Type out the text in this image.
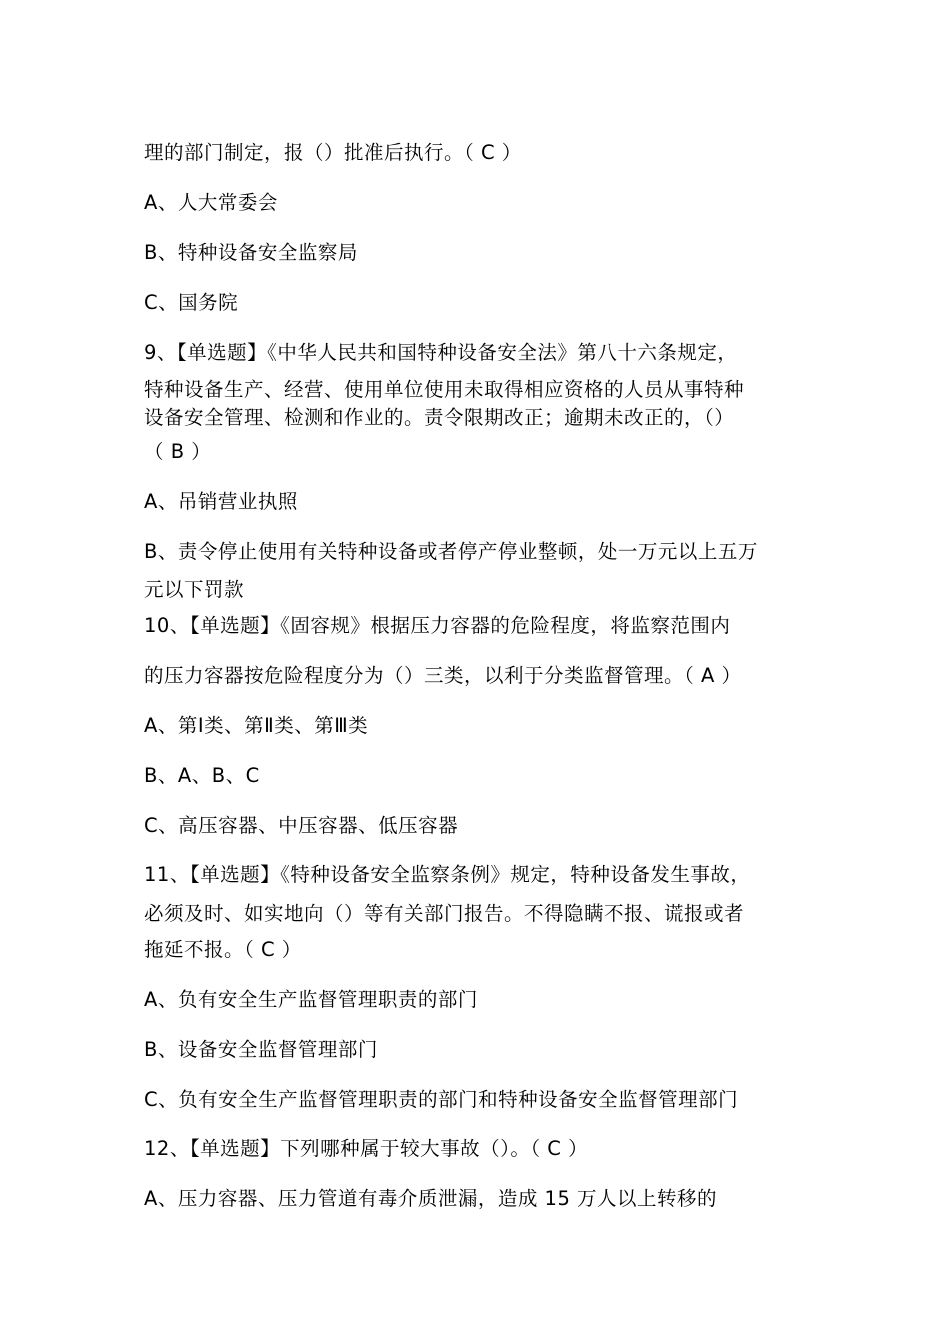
理的部门制定，报（）批准后执行。（ C ）
A、人大常委会
B、特种设备安全监察局
C、国务院
9、【单选题】《中华人民共和国特种设备安全法》第八十六条规定，
特种设备生产、经营、使用单位使用未取得相应资格的人员从事特种
设备安全管理、检测和作业的。责令限期改正；逾期未改正的，（）
（ B ）
A、吊销营业执照
B、责令停止使用有关特种设备或者停产停业整顿，处一万元以上五万
元以下罚款
10、【单选题】《固容规》根据压力容器的危险程度，将监察范围内
的压力容器按危险程度分为（）三类，以利于分类监督管理。（ A ）
A、第Ⅰ类、第Ⅱ类、第Ⅲ类
B、A、B、C
C、高压容器、中压容器、低压容器
11、【单选题】《特种设备安全监察条例》规定，特种设备发生事故，
必须及时、如实地向（）等有关部门报告。不得隐瞒不报、谎报或者
拖延不报。（ C ）
A、负有安全生产监督管理职责的部门
B、设备安全监督管理部门
C、负有安全生产监督管理职责的部门和特种设备安全监督管理部门
12、【单选题】下列哪种属于较大事故（）。（ C ）
A、压力容器、压力管道有毒介质泄漏，造成 15 万人以上转移的
